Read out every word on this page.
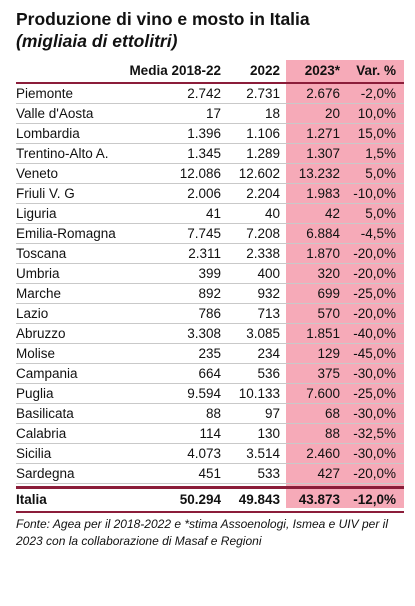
Produzione di vino e mosto in Italia
(migliaia di ettolitri)
Media 2018-22 2022 2023* Var. %
Piemonte	2.742 2.731 2.676 -2,0%
Valle d'Aosta	17	18	20 10,0%
Lombardia	1.396 1.106 1.271 15,0%
Trentino-Alto A.	1.345 1.289 1.307 1,5%
Veneto	12.086 12.602 13.232 5,0%
Friuli V. G	2.006 2.204 1.983 -10,0%
Liguria	41	40	42 5,0%
Emilia-Romagna	7.745 7.208 6.884 -4,5%
Toscana	2.311 2.338 1.870 -20,0%
Umbria	399	400	320 -20,0%
Marche	892	932	699 -25,0%
Lazio	786	713	570 -20,0%
Abruzzo	3.308 3.085 1.851 -40,0%
Molise	235	234	129 -45,0%
Campania	664	536	375 -30,0%
Puglia	9.594 10.133 7.600 -25,0%
Basilicata	88	97	68 -30,0%
Calabria	114	130	88 -32,5%
Sicilia	4.073 3.514 2.460 -30,0%
Sardegna	451	533	427 -20,0%
Italia	50.294 49.843 43.873 -12,0%
Fonte: Agea per il 2018-2022 e *stima Assoenologi, Ismea e UIV per il 2023 con la collaborazione di Masaf e Regioni
